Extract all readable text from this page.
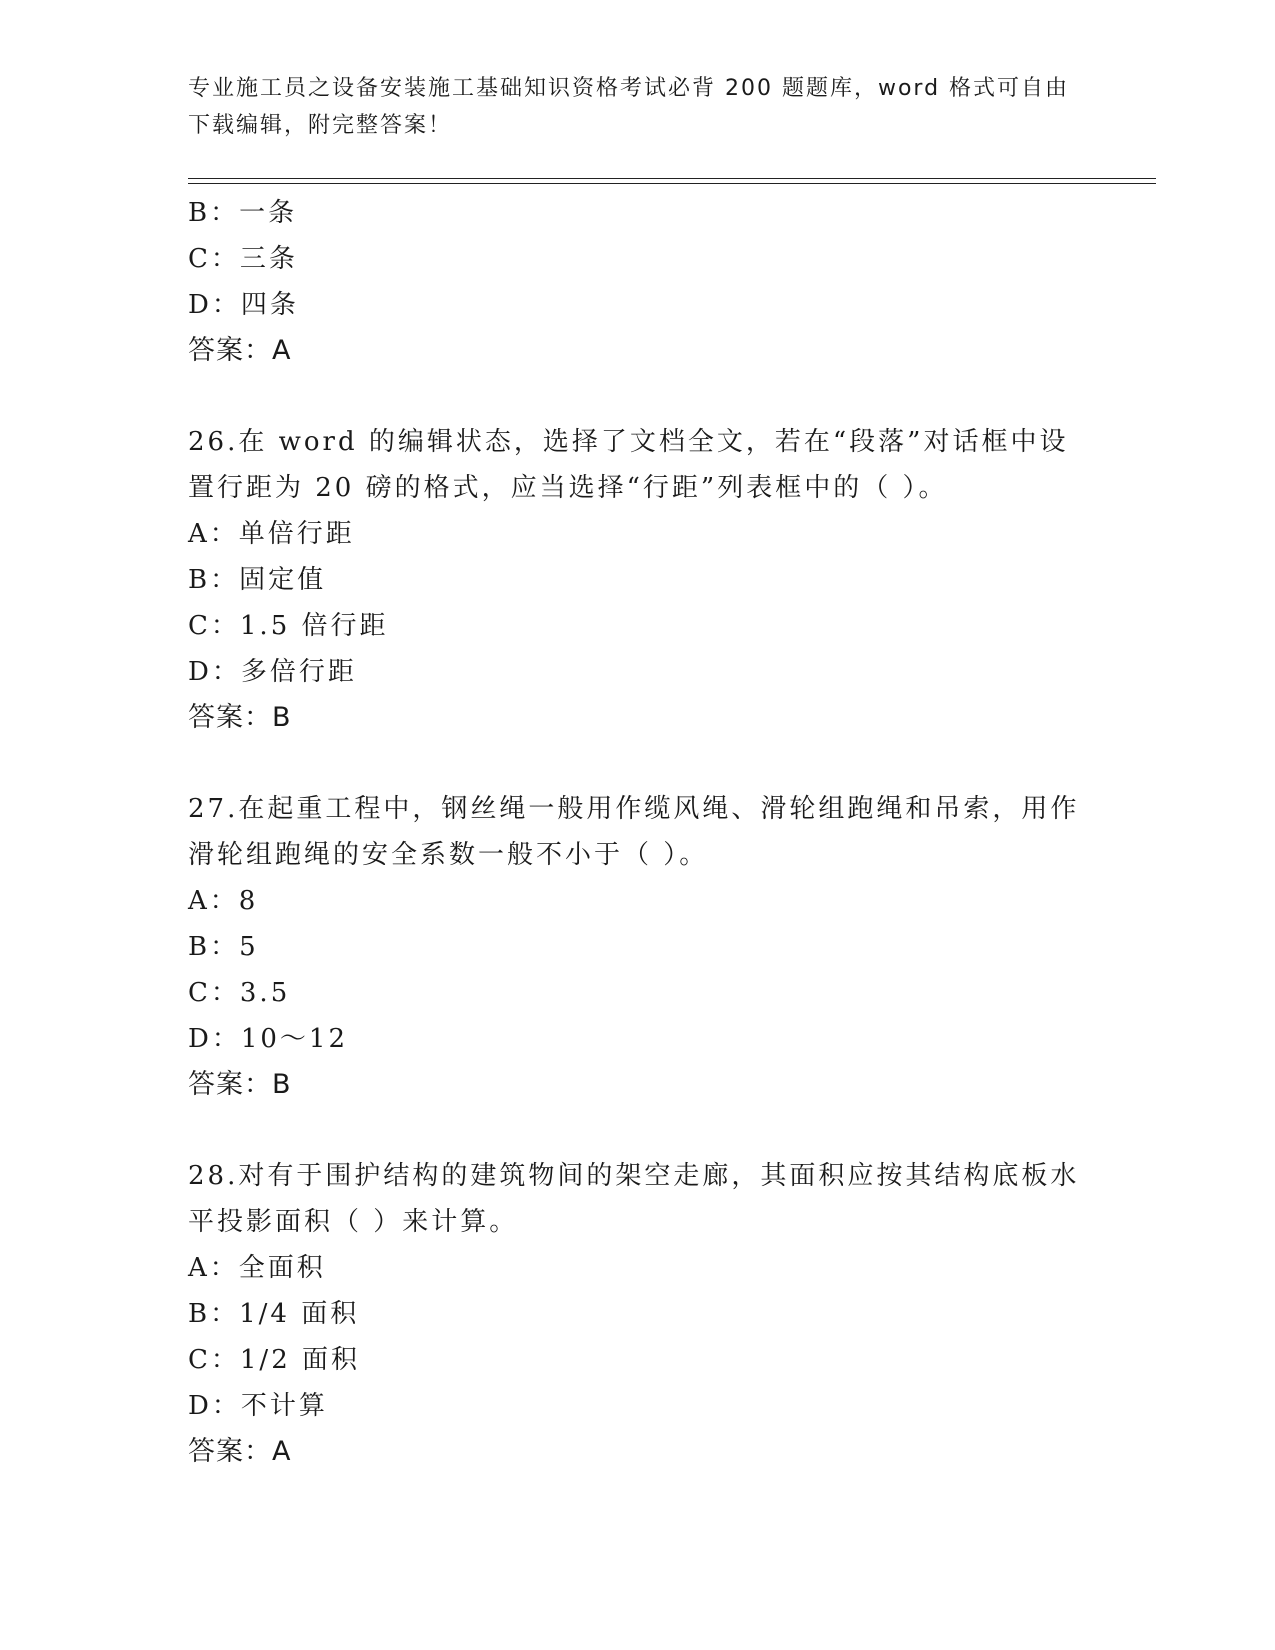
专业施工员之设备安装施工基础知识资格考试必背 200 题题库，word 格式可自由
下载编辑，附完整答案！
B：一条
C：三条
D：四条
答案：A
26.在 word 的编辑状态，选择了文档全文，若在“段落”对话框中设
置行距为 20 磅的格式，应当选择“行距”列表框中的（ ）。
A：单倍行距
B：固定值
C：1.5 倍行距
D：多倍行距
答案：B
27.在起重工程中，钢丝绳一般用作缆风绳、滑轮组跑绳和吊索，用作
滑轮组跑绳的安全系数一般不小于（ ）。
A：8
B：5
C：3.5
D：10～12
答案：B
28.对有于围护结构的建筑物间的架空走廊，其面积应按其结构底板水
平投影面积（ ）来计算。
A：全面积
B：1/4 面积
C：1/2 面积
D：不计算
答案：A
